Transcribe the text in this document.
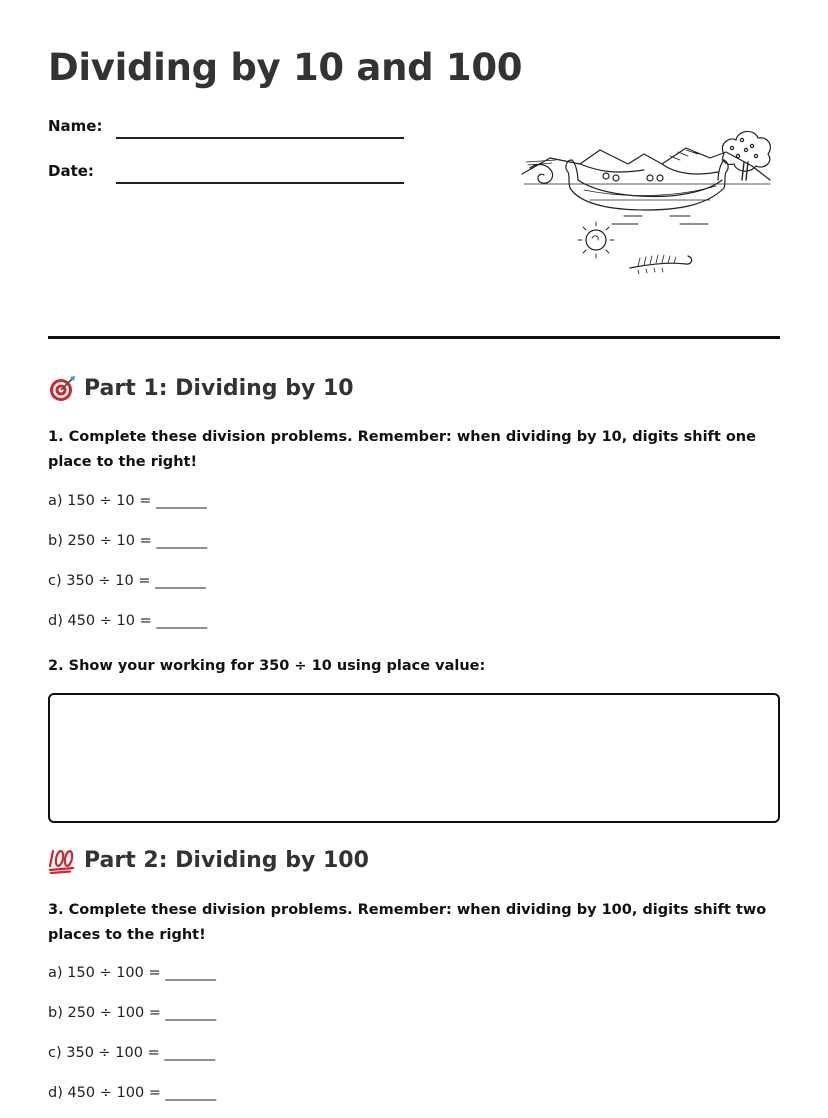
Dividing by 10 and 100
Name:
Date:
Part 1: Dividing by 10

1. Complete these division problems. Remember: when dividing by 10, digits shift one place to the right!

a) 150 ÷ 10 = _______
b) 250 ÷ 10 = _______
c) 350 ÷ 10 = _______
d) 450 ÷ 10 = _______

2. Show your working for 350 ÷ 10 using place value:

Part 2: Dividing by 100

3. Complete these division problems. Remember: when dividing by 100, digits shift two places to the right!

a) 150 ÷ 100 = _______
b) 250 ÷ 100 = _______
c) 350 ÷ 100 = _______
d) 450 ÷ 100 = _______
